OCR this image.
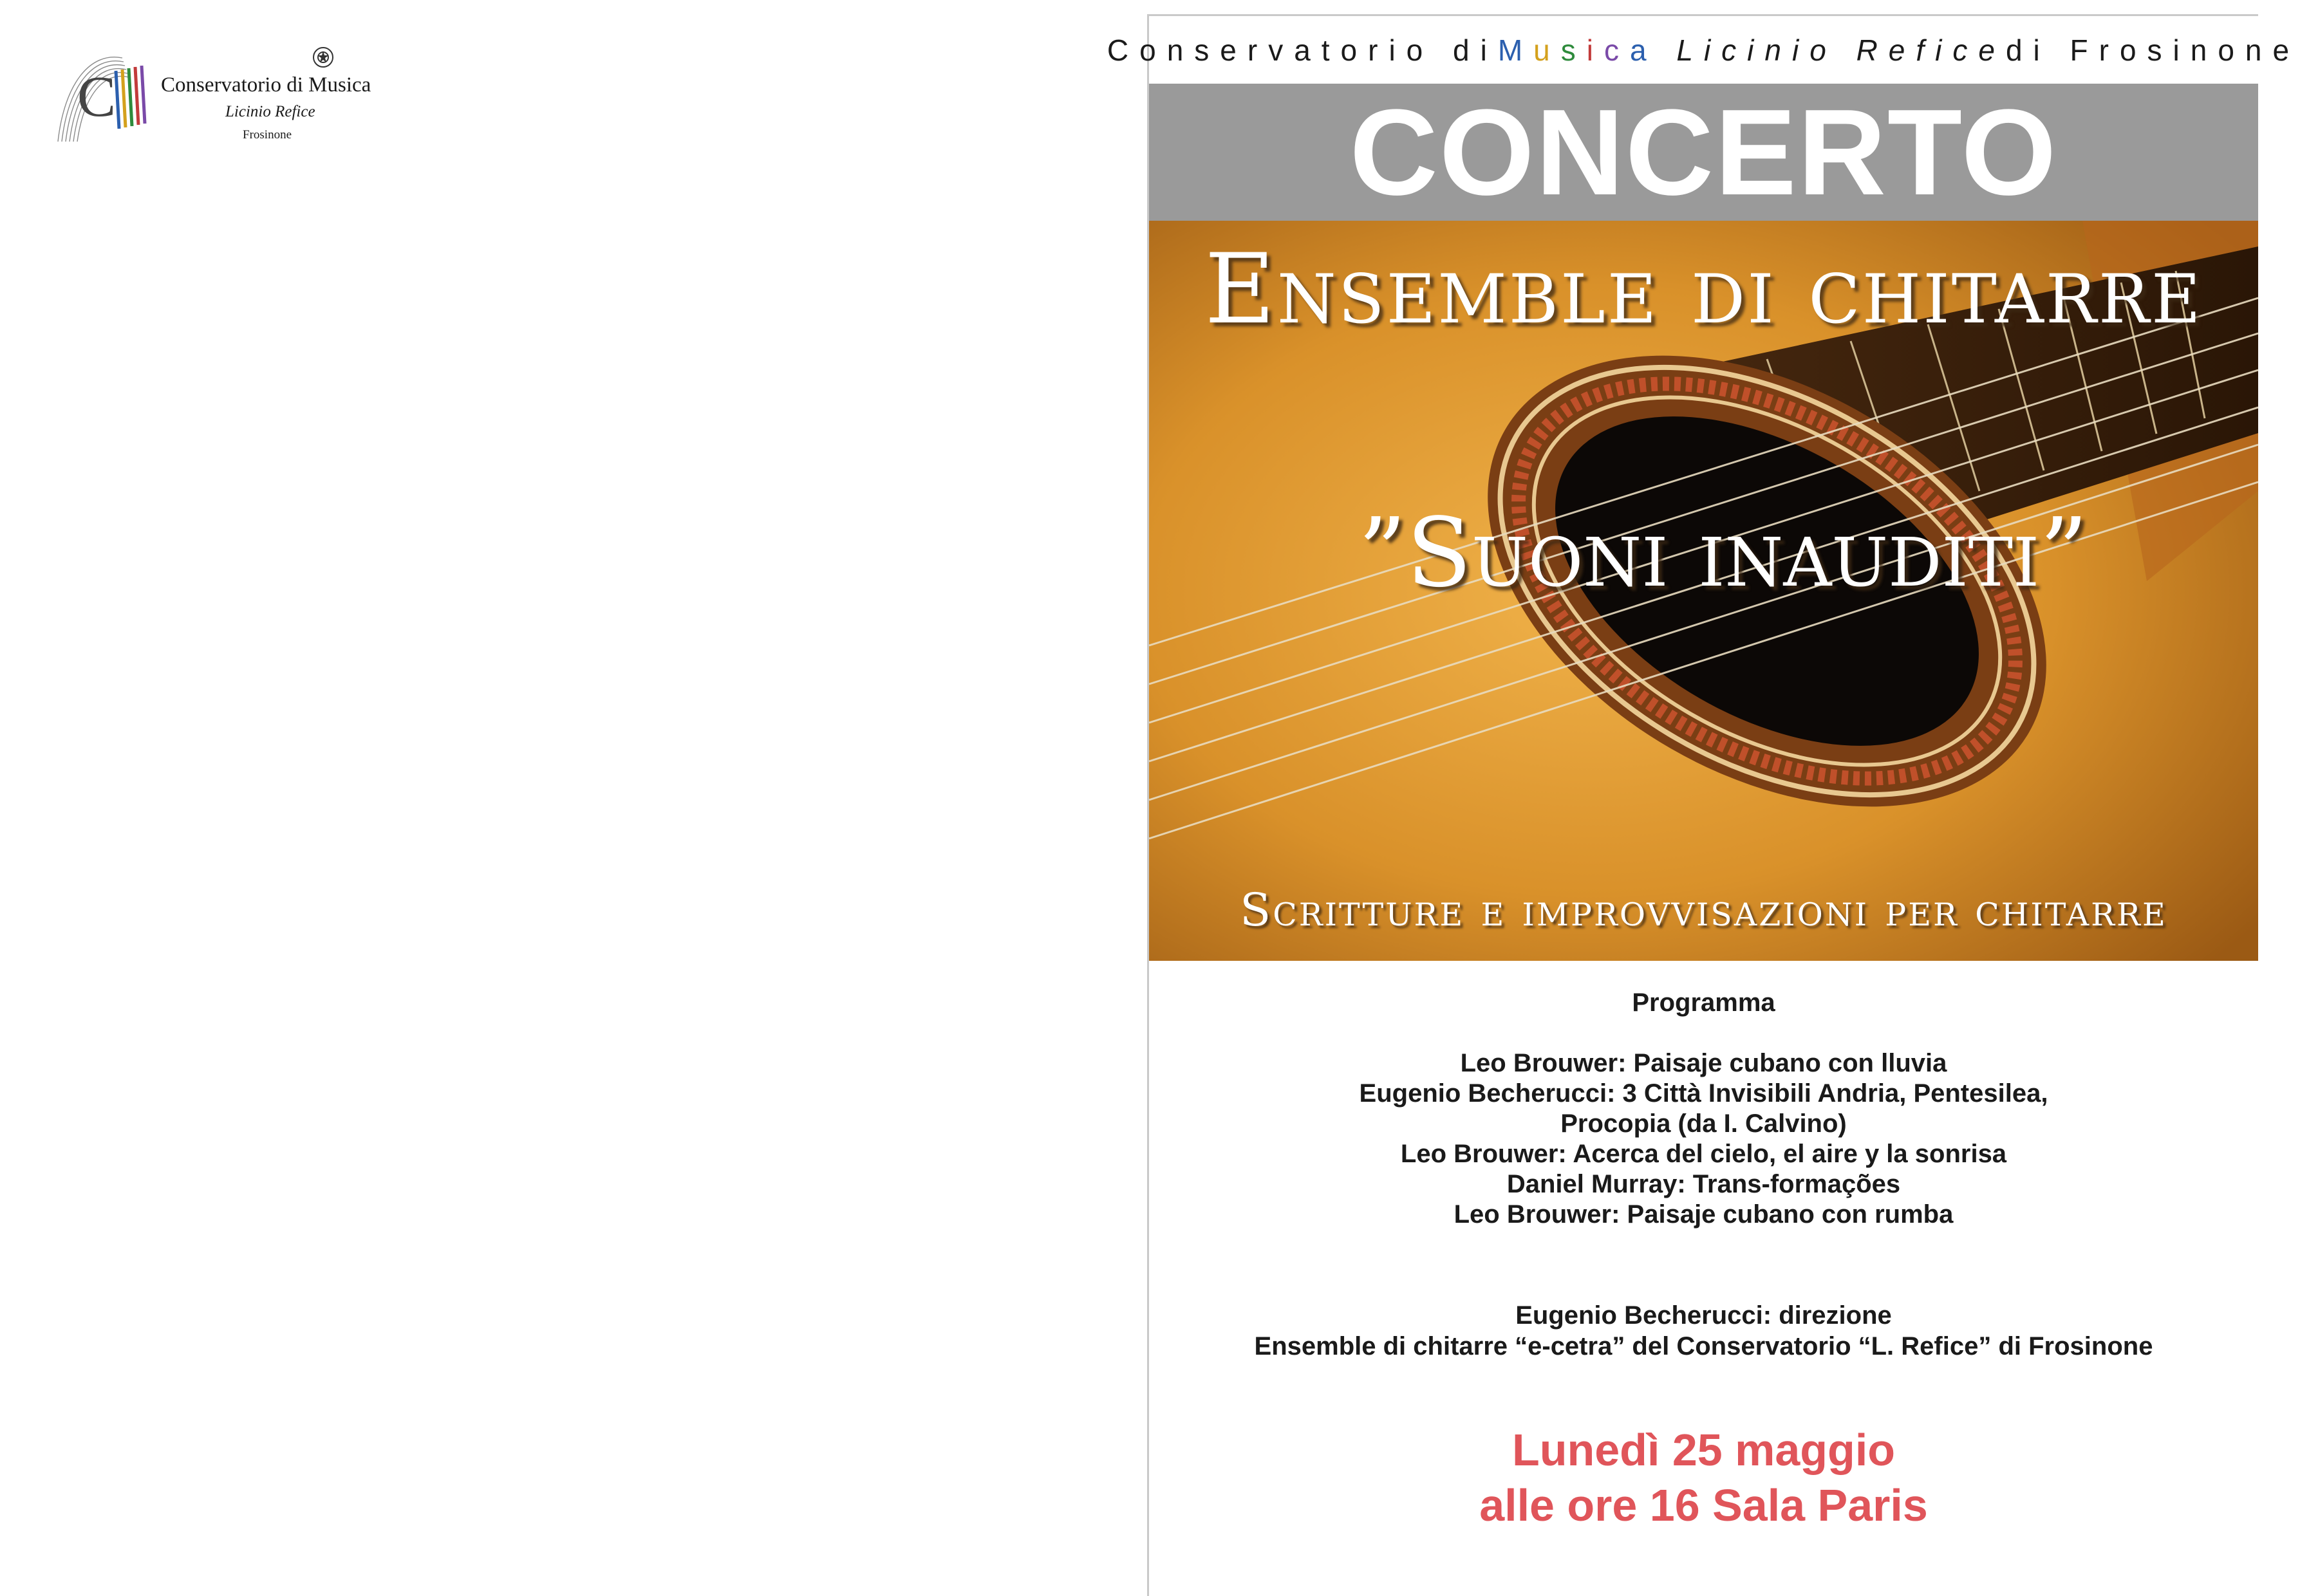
C Conservatorio di Musica
Licinio Refice
Frosinone
Conservatorio di M u s i c a
Licinio Refice di Frosinone
CONCERTO
Ensemble di chitarre
”Suoni inauditi”
Scritture e improvvisazioni per chitarre
Programma
Leo Brouwer: Paisaje cubano con lluvia
Eugenio Becherucci: 3 Città Invisibili Andria, Pentesilea,
Procopia (da I. Calvino)
Leo Brouwer: Acerca del cielo, el aire y la sonrisa
Daniel Murray: Trans-formações
Leo Brouwer: Paisaje cubano con rumba
Eugenio Becherucci: direzione
Ensemble di chitarre “e-cetra” del Conservatorio “L. Refice” di Frosinone
Lunedì 25 maggio
alle ore 16 Sala Paris
